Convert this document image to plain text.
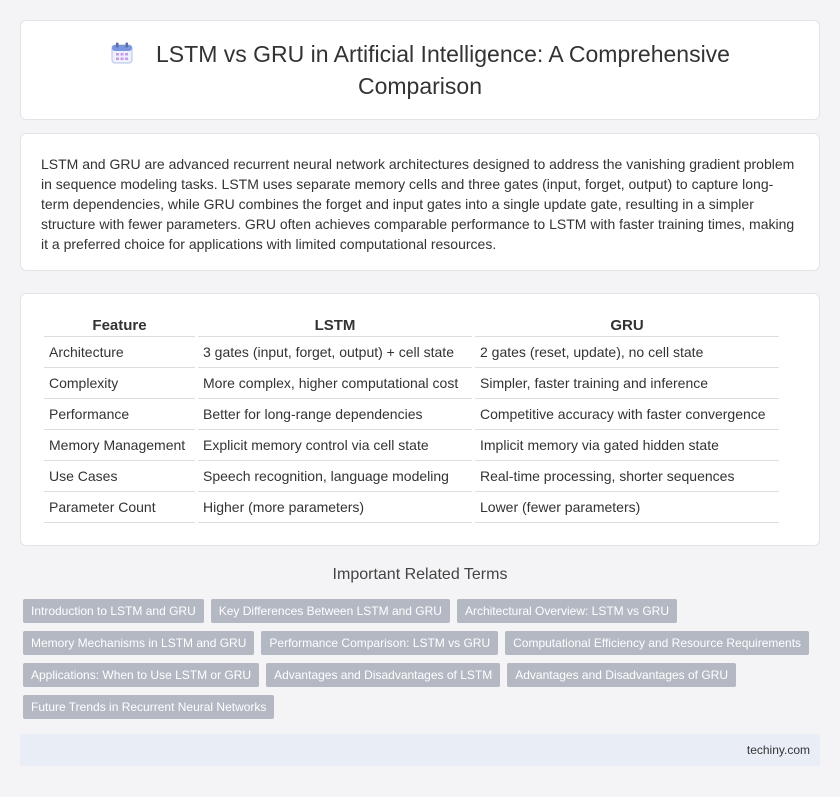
LSTM vs GRU in Artificial Intelligence: A Comprehensive Comparison
LSTM and GRU are advanced recurrent neural network architectures designed to address the vanishing gradient problem in sequence modeling tasks. LSTM uses separate memory cells and three gates (input, forget, output) to capture long-term dependencies, while GRU combines the forget and input gates into a single update gate, resulting in a simpler structure with fewer parameters. GRU often achieves comparable performance to LSTM with faster training times, making it a preferred choice for applications with limited computational resources.
Feature	LSTM	GRU
Architecture	3 gates (input, forget, output) + cell state	2 gates (reset, update), no cell state
Complexity	More complex, higher computational cost	Simpler, faster training and inference
Performance	Better for long-range dependencies	Competitive accuracy with faster convergence
Memory Management	Explicit memory control via cell state	Implicit memory via gated hidden state
Use Cases	Speech recognition, language modeling	Real-time processing, shorter sequences
Parameter Count	Higher (more parameters)	Lower (fewer parameters)
Important Related Terms
Introduction to LSTM and GRU	Key Differences Between LSTM and GRU	Architectural Overview: LSTM vs GRU
Memory Mechanisms in LSTM and GRU	Performance Comparison: LSTM vs GRU	Computational Efficiency and Resource Requirements
Applications: When to Use LSTM or GRU	Advantages and Disadvantages of LSTM	Advantages and Disadvantages of GRU
Future Trends in Recurrent Neural Networks
techiny.com
